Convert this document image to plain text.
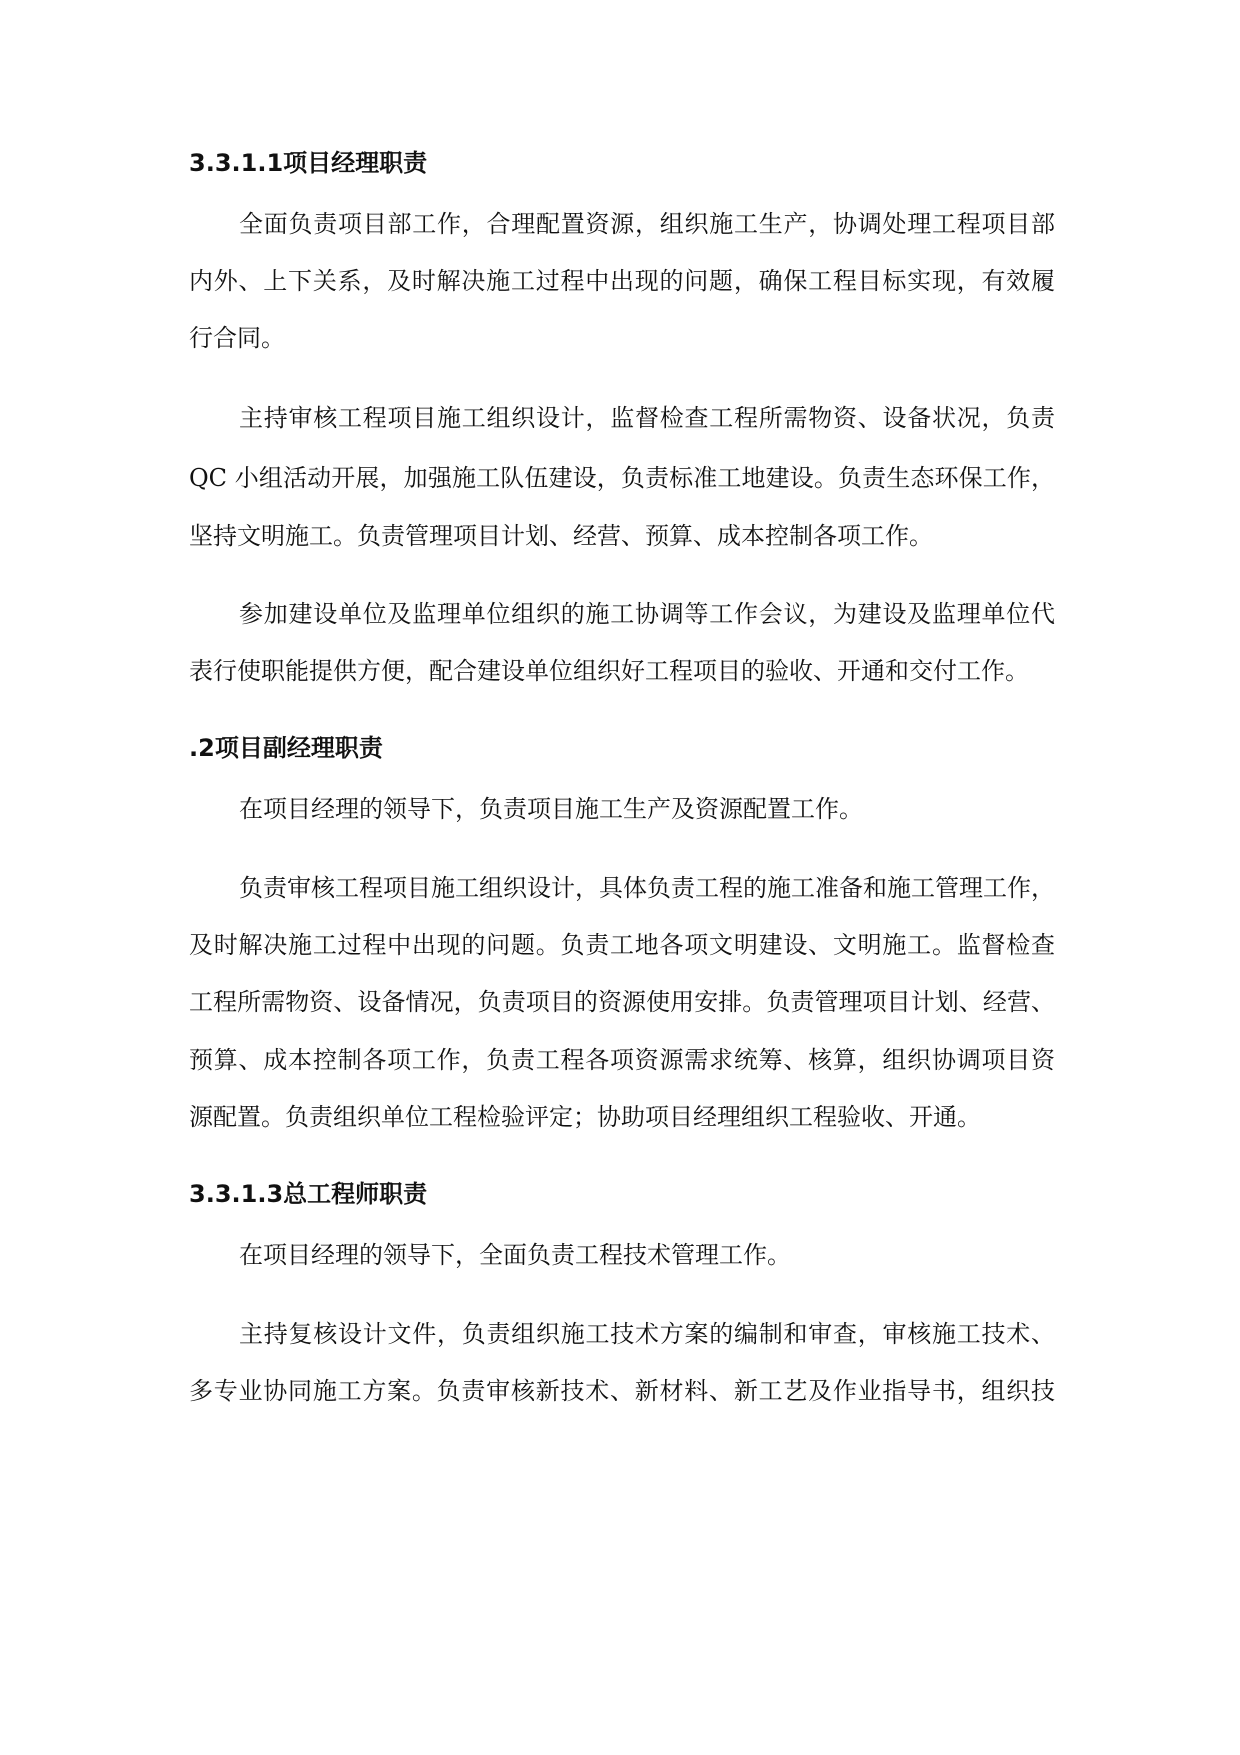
3.3.1.1项目经理职责
全面负责项目部工作，合理配置资源，组织施工生产，协调处理工程项目部
内外、上下关系，及时解决施工过程中出现的问题，确保工程目标实现，有效履
行合同。
主持审核工程项目施工组织设计，监督检查工程所需物资、设备状况，负责
QC 小组活动开展，加强施工队伍建设，负责标准工地建设。负责生态环保工作，
坚持文明施工。负责管理项目计划、经营、预算、成本控制各项工作。
参加建设单位及监理单位组织的施工协调等工作会议，为建设及监理单位代
表行使职能提供方便，配合建设单位组织好工程项目的验收、开通和交付工作。
.2项目副经理职责
在项目经理的领导下，负责项目施工生产及资源配置工作。
负责审核工程项目施工组织设计，具体负责工程的施工准备和施工管理工作，
及时解决施工过程中出现的问题。负责工地各项文明建设、文明施工。监督检查
工程所需物资、设备情况，负责项目的资源使用安排。负责管理项目计划、经营、
预算、成本控制各项工作，负责工程各项资源需求统筹、核算，组织协调项目资
源配置。负责组织单位工程检验评定；协助项目经理组织工程验收、开通。
3.3.1.3总工程师职责
在项目经理的领导下，全面负责工程技术管理工作。
主持复核设计文件，负责组织施工技术方案的编制和审查，审核施工技术、
多专业协同施工方案。负责审核新技术、新材料、新工艺及作业指导书，组织技
